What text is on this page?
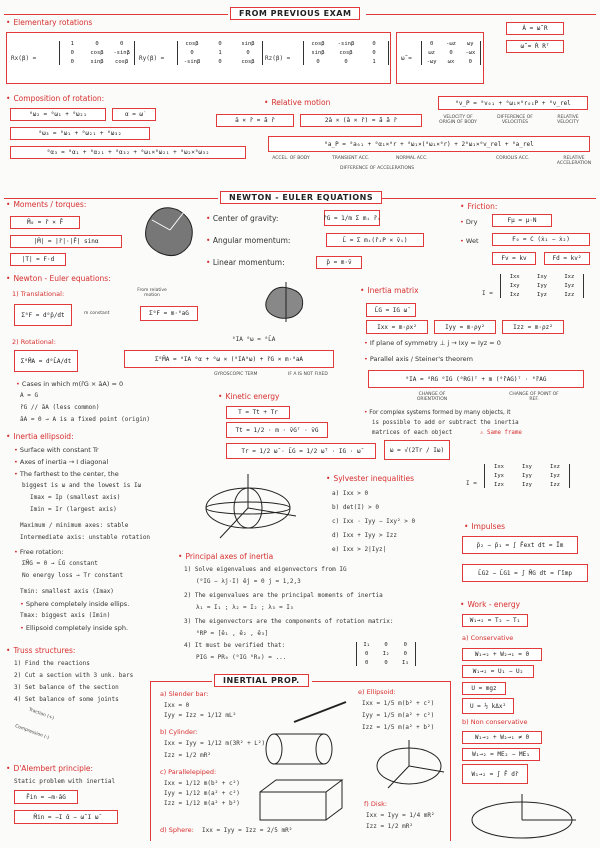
FROM PREVIOUS EXAM
• Elementary rotations
Rx(β) =
1	0	0
0	cosβ	-sinβ
0	sinβ	cosβ	Ry(β) =
cosβ	0	sinβ
0	1	0
-sinβ	0	cosβ	Rz(β) =
cosβ	-sinβ	0
sinβ	cosβ	0
0	0	1	ω̃ =
0	-ωz	ωy
ωz	0	-ωx
-ωy	ωx	0
Ȧ = ω̃ R
ω̃ = Ṙ Rᵀ
• Composition of rotation:
⁰ω₂ = ⁰ω₁ + ⁰ω₂₁	α = ω̇
⁰ω₃ = ⁰ω₁ + ⁰ω₂₁ + ⁰ω₃₂
⁰α₃ = ⁰α₁ + ⁰α₂₁ + ⁰α₃₂ + ⁰ω₁×⁰ω₂₁ + ⁰ω₂×⁰ω₃₂
• Relative motion	⁰v_P = ⁰v₀₁ + ⁰ω₁×⁰r₀₁P + ⁰v_rel
VELOCITY OF ORIGIN OF BODY
DIFFERENCE OF VELOCITIES
RELATIVE VELOCITY
ā × r̄ = ã r̄	2ā × (ā × r̄) = ã ã r̄
⁰a_P = ⁰a₀₁ + ⁰α₁×⁰r + ⁰ω₁×(⁰ω₁×⁰r) + 2⁰ω₁×⁰v_rel + ⁰a_rel
ACCEL. OF BODY	TRANSIENT ACC.	NORMAL ACC.	CORIOLIS ACC.	RELATIVE ACCELERATION
DIFFERENCE OF ACCELERATIONS
NEWTON - EULER EQUATIONS
• Moments / torques:
M̄₀ = r̄ × F̄
|M̄| = |r̄|·|F̄| sinα
|T| = F·d
• Center of gravity:	r̄G = 1/m Σ mᵢ r̄ᵢ
• Angular momentum:	L̄ = Σ mᵢ(r̄ᵢP × v̄ᵢ)
• Linear momentum:	p̄ = m·v̄
• Friction:
• Dry	Fμ = μ·N
• Wet	F₀ = C (ẋ₁ − ẋ₂)
Fv = kv	Fd = kv²
• Newton - Euler equations:
1) Translational:
Σ⁰F = d⁰p̄/dt
From relative motion
m constant	Σ⁰F = m·⁰aG
2) Rotational:	⁰IA ⁰ω = ⁰L̄A
Σ⁰M̄A = d⁰L̄A/dt	Σ⁰M̄A = ⁰IA ⁰α + ⁰ω × (⁰IA⁰ω) + r̄G × m·⁰aA
GYROSCOPIC TERM	IF A IS NOT FIXED
• Cases in which m(r̄G × āA) = 0
A = G
r̄G // āA (less common)
āA = 0 → A is a fixed point (origin)
• Inertia ellipsoid:
• Surface with constant Tr
• Axes of inertia → I diagonal
• The farthest to the center, the
biggest is ω and the lowest is Iω
Imax = Ip (smallest axis)
Imin = Ir (largest axis)
Maximum / minimum axes: stable
Intermediate axis: unstable rotation
• Free rotation:
ΣM̄G = 0 → L̄G constant
No energy loss → Tr constant
Tmin: smallest axis (Imax)
• Sphere completely inside ellips.
Tmax: biggest axis (Imin)
• Ellipsoid completely inside sph.
• Truss structures:
1) Find the reactions
2) Cut a section with 3 unk. bars
3) Set balance of the section
4) Set balance of some joints
Traction (+)
Compression (-)
• D'Alembert principle:
Static problem with inertial
F̄in = −m·āG
M̄in = −I ᾱ − ω̃ I ω̄
• Kinetic energy
T = Tt + Tr
Tt = 1/2 · m · v̄Gᵀ · v̄G
Tr = 1/2 ω̄ · L̄G = 1/2 ω̄ᵀ · IG · ω̄	ω = √(2Tr / Iω)
• Inertia matrix	I =
Ixx	Ixy	Ixz
Ixy	Iyy	Iyz
Ixz	Iyz	Izz
L̄G = IG ω̄
Ixx = m·ρx²	Iyy = m·ρy²	Izz = m·ρz²
• If plane of symmetry ⊥ j → Ixy = Iyz = 0
• Parallel axis / Steiner's theorem
⁰IA = ⁰RG ⁰IG (⁰RG)ᵀ + m (⁰r̃AG)ᵀ · ⁰r̃AG
CHANGE OF ORIENTATION
CHANGE OF POINT OF REF.
• For complex systems formed by many objects, it
is possible to add or subtract the inertia
matrices of each object	⚠ Same frame
• Sylvester inequalities
I =
Ixx	Ixy	Ixz
Iyx	Iyy	Iyz
Izx	Izy	Izz
a) Ixx > 0
b) det(I) > 0
c) Ixx · Iyy − Ixy² > 0
d) Ixx + Iyy > Izz
e) Ixx > 2|Iyz|
• Principal axes of inertia
1) Solve eigenvalues and eigenvectors from IG
(⁰IG − λj·I) ēj = 0 j = 1,2,3
2) The eigenvalues are the principal moments of inertia
λ₁ = I₁ ; λ₂ = I₂ ; λ₃ = I₃
3) The eigenvectors are the components of rotation matrix:
⁰RP = [ē₁ , ē₂ , ē₃]
4) It must be verified that:
PIG = PR₀ (⁰IG ⁰R₀) = ...
I₁	0	0
0	I₂	0
0	0	I₃
• Impulses
p̄₂ − p̄₁ = ∫ F̄ext dt = Īm
L̄G2 − L̄G1 = ∫ M̄G dt = Γ̄imp
• Work - energy
W₁→₂ = T₂ − T₁
a) Conservative
W₁→₂ + W₂→₁ = 0
W₁→₂ = U₁ − U₂
U = mgz
U = ½ kΔx²
b) Non conservative
W₁→₂ + W₂→₁ ≠ 0
W₁→₂ = ME₂ − ME₁
W₁→₂ = ∫ F̄ dr̄
INERTIAL PROP.
a) Slender bar:
Ixx = 0
Iyy = Izz = 1/12 mL²
b) Cylinder:
Ixx = Iyy = 1/12 m(3R² + L²)
Izz = 1/2 mR²
c) Parallelepiped:
Ixx = 1/12 m(b² + c²)
Iyy = 1/12 m(a² + c²)
Izz = 1/12 m(a² + b²)
d) Sphere: Ixx = Iyy = Izz = 2/5 mR²
e) Ellipsoid:
Ixx = 1/5 m(b² + c²)
Iyy = 1/5 m(a² + c²)
Izz = 1/5 m(a² + b²)
f) Disk:
Ixx = Iyy = 1/4 mR²
Izz = 1/2 mR²
